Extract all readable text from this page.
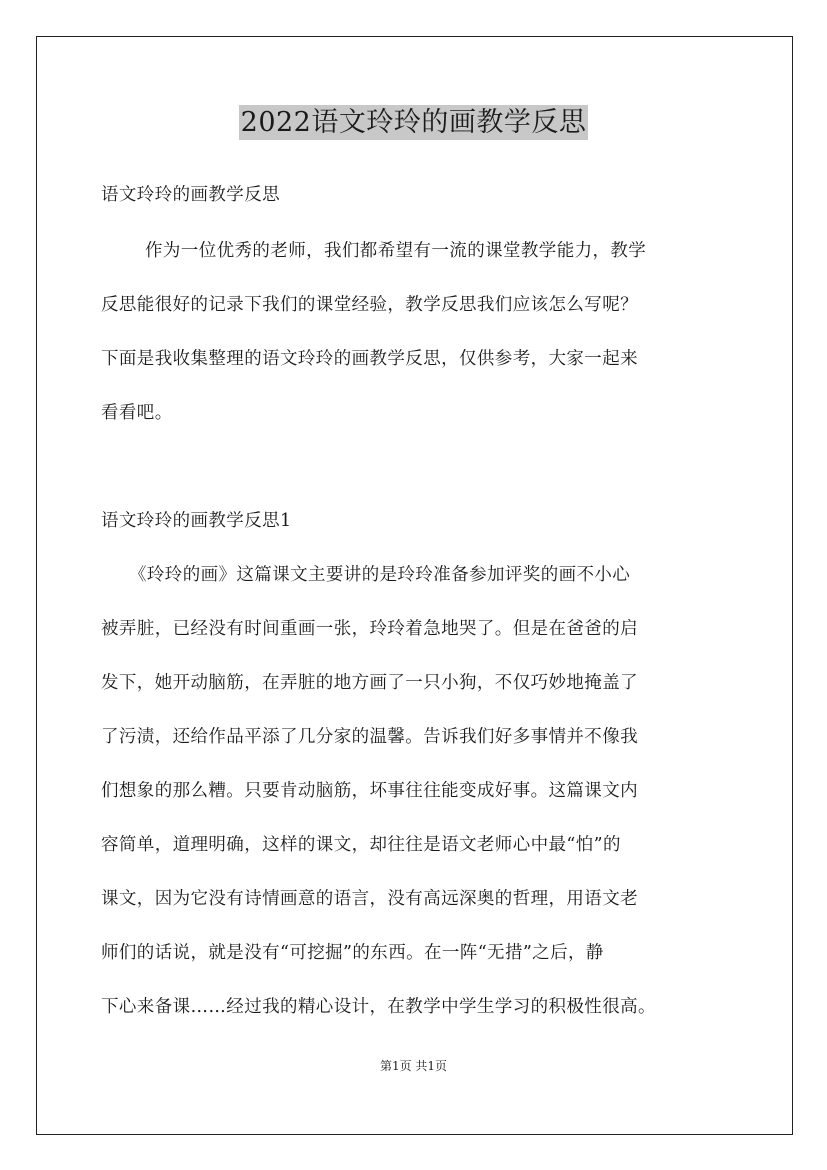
2022语文玲玲的画教学反思
语文玲玲的画教学反思
作为一位优秀的老师，我们都希望有一流的课堂教学能力，教学
反思能很好的记录下我们的课堂经验，教学反思我们应该怎么写呢？
下面是我收集整理的语文玲玲的画教学反思，仅供参考，大家一起来
看看吧。
语文玲玲的画教学反思1
《玲玲的画》这篇课文主要讲的是玲玲准备参加评奖的画不小心
被弄脏，已经没有时间重画一张，玲玲着急地哭了。但是在爸爸的启
发下，她开动脑筋，在弄脏的地方画了一只小狗，不仅巧妙地掩盖了
了污渍，还给作品平添了几分家的温馨。告诉我们好多事情并不像我
们想象的那么糟。只要肯动脑筋，坏事往往能变成好事。这篇课文内
容简单，道理明确，这样的课文，却往往是语文老师心中最“怕”的
课文，因为它没有诗情画意的语言，没有高远深奥的哲理，用语文老
师们的话说，就是没有“可挖掘”的东西。在一阵“无措”之后，静
下心来备课……经过我的精心设计，在教学中学生学习的积极性很高。
第1页 共1页
